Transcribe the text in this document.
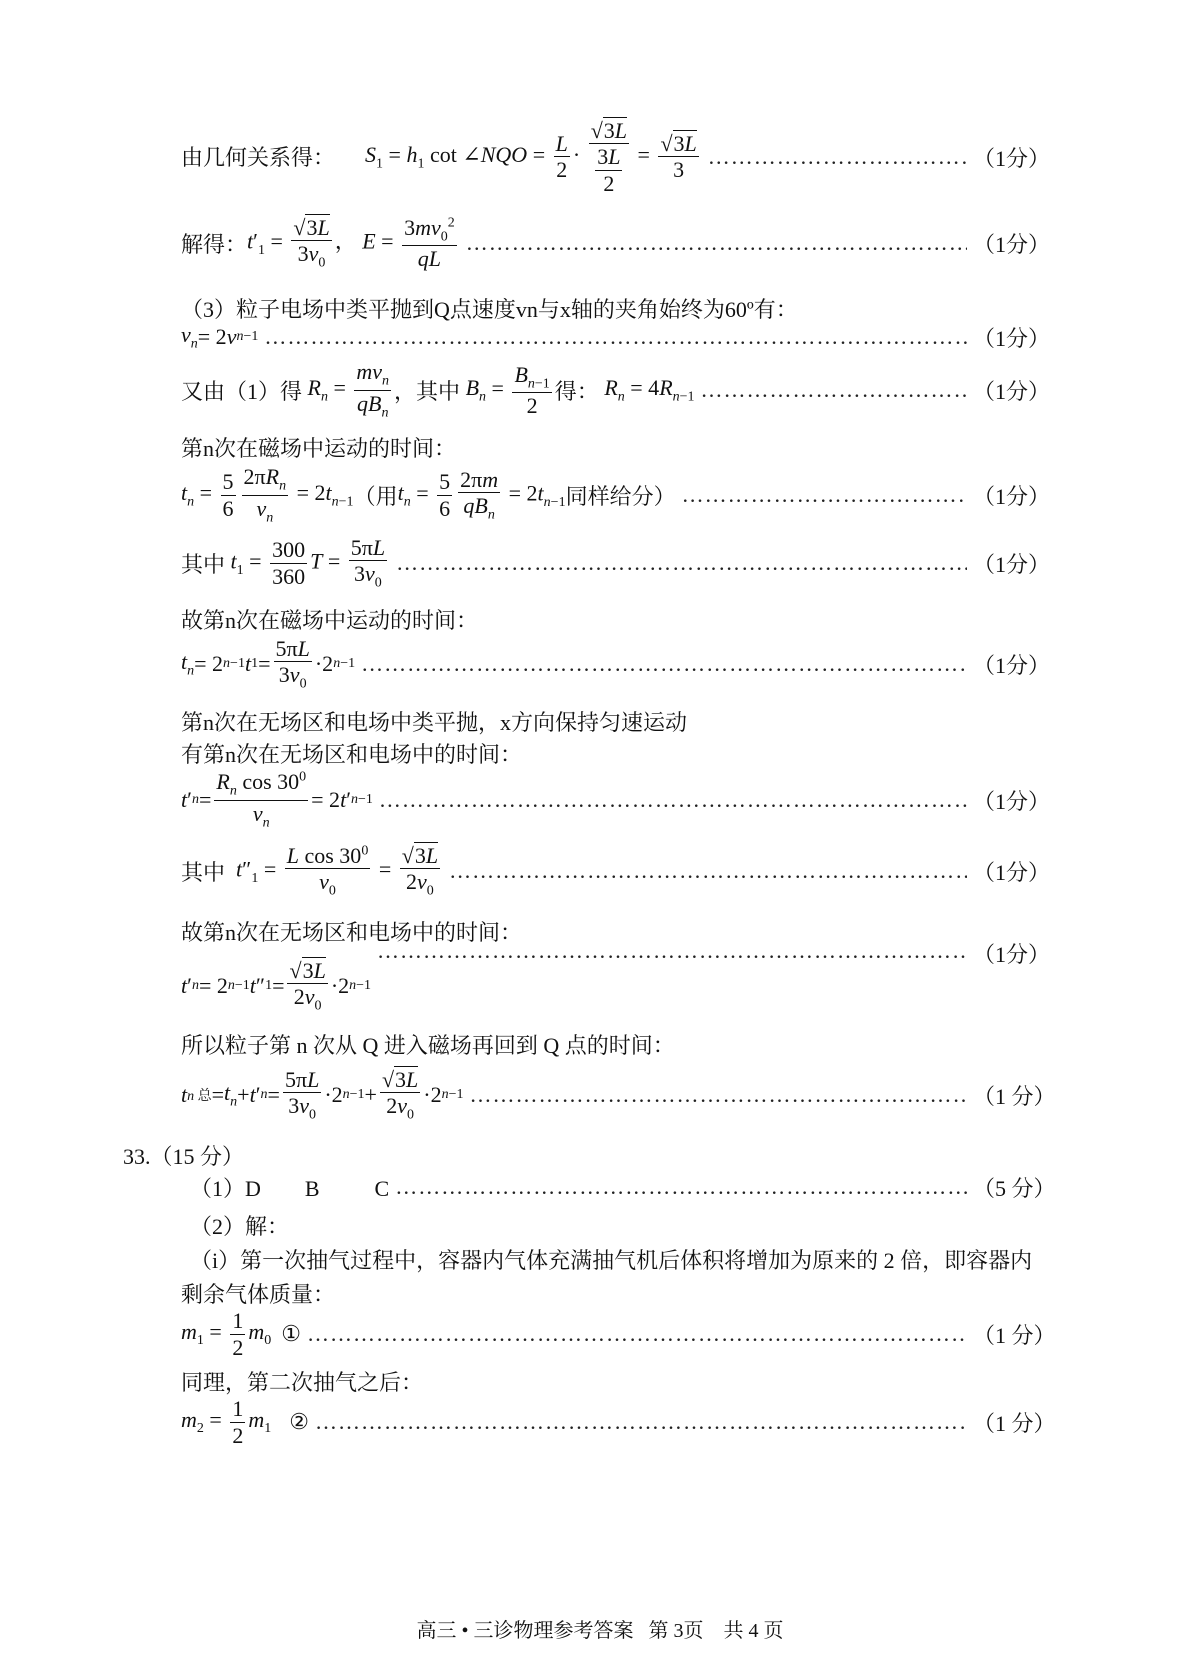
由几何关系得： $S_1 = h_1$ cot ∠NQO = $\frac{L}{2} \cdot \frac{√3L}{\frac{3L}{2}} = \frac{√3L}{3}$ …………………………………………………………………………………………………………………………………………………………………………	（1分）
解得： $t'_1 = \frac{√3L}{3v_0}$ ， $E = \frac{3mv_0^2}{qL}$ …………………………………………………………………………………………………………………………………………………………………………	（1分）
（3）粒子电场中类平抛到Q点速度vn与x轴的夹角始终为60º有：
$v_n = 2$ v n−1 …………………………………………………………………………………………………………………………………………………………………………	（1分）
又由（1）得 $R_n = \frac{mv_n}{qB_n}$ ，其中 $B_n = \frac{B_{n-1}}{2}$ 得： $R_n = 4R_{n-1}$ …………………………………………………………………………………………………………………………………………………………………………	（1分）
第n次在磁场中运动的时间：
$t_n = \frac{5}{6} \frac{2\pi R_n}{v_n} = 2t_{n-1}$ （用 $t_n = \frac{5}{6} \frac{2\pi m}{qB_n} = 2t_{n-1}$ 同样给分） …………………………………………………………………………………………………………………………………………………………………………	（1分）
其中 $t_1 = \frac{300}{360}$ $T = \frac{5\pi L}{3v_0}$ …………………………………………………………………………………………………………………………………………………………………………	（1分）
故第n次在磁场中运动的时间：
$t_n = 2$ n−1 t $1 = \frac{5\pi L}{3v_0} \cdot 2$ n−1 …………………………………………………………………………………………………………………………………………………………………………	（1分）
第n次在无场区和电场中类平抛，x方向保持匀速运动
有第n次在无场区和电场中的时间：
t ′ $n = \frac{R_n \cos 30^0}{v_n} = 2$ t ′ n−1 …………………………………………………………………………………………………………………………………………………………………………	（1分）
其中 $t''_1 = \frac{L \cos 30^0}{v_0} = \frac{√3L}{2v_0}$ …………………………………………………………………………………………………………………………………………………………………………	（1分）
故第n次在无场区和电场中的时间：
t ′ n = 2 n−1 t ″ $1 = \frac{√3L}{2v_0} \cdot 2$ n−1
…………………………………………………………………………………………………………………………………………………………………………
（1分）
所以粒子第 n 次从 Q 进入磁场再回到 Q 点的时间：
t n 总 = $t_n + t$ ′ $n = \frac{5\pi L}{3v_0} \cdot 2$ $n-1 + \frac{√3L}{2v_0} \cdot 2$ n−1 …………………………………………………………………………………………………………………………………………………………………………	（1 分）
33.（15 分）
（1）D        B          C …………………………………………………………………………………………………………………………………………………………………………	（5 分）
（2）解：
（i）第一次抽气过程中，容器内气体充满抽气机后体积将增加为原来的 2 倍，即容器内
剩余气体质量：
$m_1 = \frac{1}{2} m_0$ ① …………………………………………………………………………………………………………………………………………………………………………	（1 分）
同理，第二次抽气之后：
$m_2 = \frac{1}{2} m_1$ ② …………………………………………………………………………………………………………………………………………………………………………	（1 分）
高三 • 三诊物理参考答案   第 3页    共 4 页
